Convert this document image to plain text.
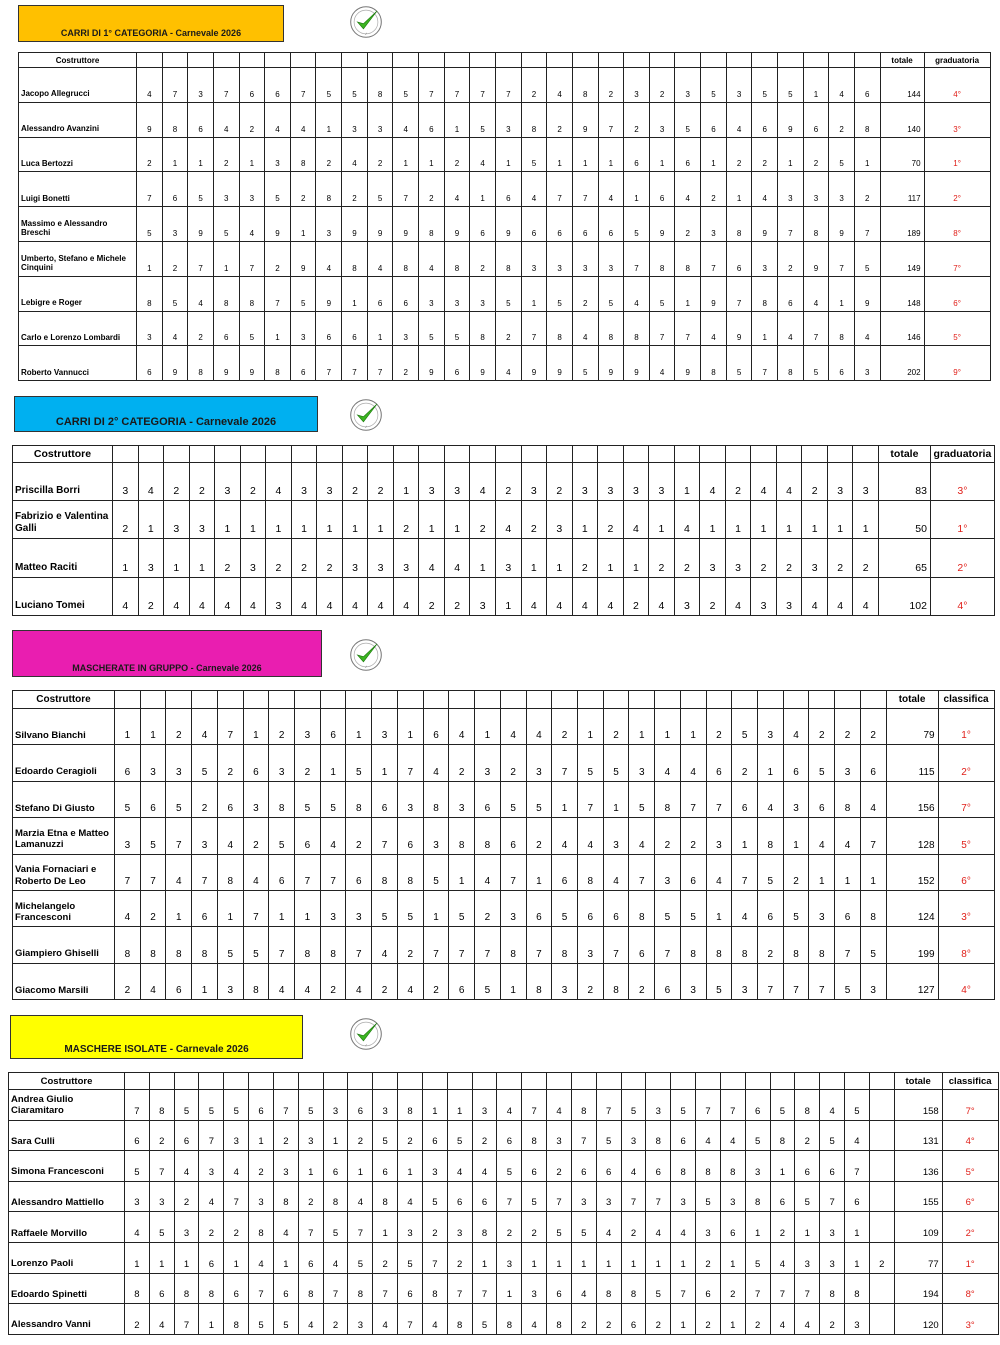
CARRI DI 1° CATEGORIA - Carnevale 2026	✓
Costruttore																														totale	graduatoria
Jacopo Allegrucci	4	7	3	7	6	6	7	5	5	8	5	7	7	7	7	2	4	8	2	3	2	3	5	3	5	5	1	4	6	144	4°
Alessandro Avanzini	9	8	6	4	2	4	4	1	3	3	4	6	1	5	3	8	2	9	7	2	3	5	6	4	6	9	6	2	8	140	3°
Luca Bertozzi	2	1	1	2	1	3	8	2	4	2	1	1	2	4	1	5	1	1	1	6	1	6	1	2	2	1	2	5	1	70	1°
Luigi Bonetti	7	6	5	3	3	5	2	8	2	5	7	2	4	1	6	4	7	7	4	1	6	4	2	1	4	3	3	3	2	117	2°
Massimo e Alessandro Breschi	5	3	9	5	4	9	1	3	9	9	9	8	9	6	9	6	6	6	6	5	9	2	3	8	9	7	8	9	7	189	8°
Umberto, Stefano e Michele Cinquini	1	2	7	1	7	2	9	4	8	4	8	4	8	2	8	3	3	3	3	7	8	8	7	6	3	2	9	7	5	149	7°
Lebigre e Roger	8	5	4	8	8	7	5	9	1	6	6	3	3	3	5	1	5	2	5	4	5	1	9	7	8	6	4	1	9	148	6°
Carlo e Lorenzo Lombardi	3	4	2	6	5	1	3	6	6	1	3	5	5	8	2	7	8	4	8	8	7	7	4	9	1	4	7	8	4	146	5°
Roberto Vannucci	6	9	8	9	9	8	6	7	7	7	2	9	6	9	4	9	9	5	9	9	4	9	8	5	7	8	5	6	3	202	9°
CARRI DI 2° CATEGORIA - Carnevale 2026	✓
Costruttore																															totale	graduatoria
Priscilla Borri	3	4	2	2	3	2	4	3	3	2	2	1	3	3	4	2	3	2	3	3	3	3	1	4	2	4	4	2	3	3	83	3°
Fabrizio e Valentina Galli	2	1	3	3	1	1	1	1	1	1	1	2	1	1	2	4	2	3	1	2	4	1	4	1	1	1	1	1	1	1	50	1°
Matteo Raciti	1	3	1	1	2	3	2	2	2	3	3	3	4	4	1	3	1	1	2	1	1	2	2	3	3	2	2	3	2	2	65	2°
Luciano Tomei	4	2	4	4	4	4	3	4	4	4	4	4	2	2	3	1	4	4	4	4	2	4	3	2	4	3	3	4	4	4	102	4°
MASCHERATE IN GRUPPO - Carnevale 2026	✓
Costruttore																															totale	classifica
Silvano Bianchi	1	1	2	4	7	1	2	3	6	1	3	1	6	4	1	4	4	2	1	2	1	1	1	2	5	3	4	2	2	2	79	1°
Edoardo Ceragioli	6	3	3	5	2	6	3	2	1	5	1	7	4	2	3	2	3	7	5	5	3	4	4	6	2	1	6	5	3	6	115	2°
Stefano Di Giusto	5	6	5	2	6	3	8	5	5	8	6	3	8	3	6	5	5	1	7	1	5	8	7	7	6	4	3	6	8	4	156	7°
Marzia Etna e Matteo Lamanuzzi	3	5	7	3	4	2	5	6	4	2	7	6	3	8	8	6	2	4	4	3	4	2	2	3	1	8	1	4	4	7	128	5°
Vania Fornaciari e Roberto De Leo	7	7	4	7	8	4	6	7	7	6	8	8	5	1	4	7	1	6	8	4	7	3	6	4	7	5	2	1	1	1	152	6°
Michelangelo Francesconi	4	2	1	6	1	7	1	1	3	3	5	5	1	5	2	3	6	5	6	6	8	5	5	1	4	6	5	3	6	8	124	3°
Giampiero Ghiselli	8	8	8	8	5	5	7	8	8	7	4	2	7	7	7	8	7	8	3	7	6	7	8	8	8	2	8	8	7	5	199	8°
Giacomo Marsili	2	4	6	1	3	8	4	4	2	4	2	4	2	6	5	1	8	3	2	8	2	6	3	5	3	7	7	7	5	3	127	4°
MASCHERE ISOLATE - Carnevale 2026	✓
Costruttore																																totale	classifica
Andrea Giulio Ciaramitaro	7	8	5	5	5	6	7	5	3	6	3	8	1	1	3	4	7	4	8	7	5	3	5	7	7	6	5	8	4	5		158	7°
Sara Culli	6	2	6	7	3	1	2	3	1	2	5	2	6	5	2	6	8	3	7	5	3	8	6	4	4	5	8	2	5	4		131	4°
Simona Francesconi	5	7	4	3	4	2	3	1	6	1	6	1	3	4	4	5	6	2	6	6	4	6	8	8	8	3	1	6	6	7		136	5°
Alessandro Mattiello	3	3	2	4	7	3	8	2	8	4	8	4	5	6	6	7	5	7	3	3	7	7	3	5	3	8	6	5	7	6		155	6°
Raffaele Morvillo	4	5	3	2	2	8	4	7	5	7	1	3	2	3	8	2	2	5	5	4	2	4	4	3	6	1	2	1	3	1		109	2°
Lorenzo Paoli	1	1	1	6	1	4	1	6	4	5	2	5	7	2	1	3	1	1	1	1	1	1	1	2	1	5	4	3	3	1	2	77	1°
Edoardo Spinetti	8	6	8	8	6	7	6	8	7	8	7	6	8	7	7	1	3	6	4	8	8	5	7	6	2	7	7	7	8	8		194	8°
Alessandro Vanni	2	4	7	1	8	5	5	4	2	3	4	7	4	8	5	8	4	8	2	2	6	2	1	2	1	2	4	4	2	3		120	3°
